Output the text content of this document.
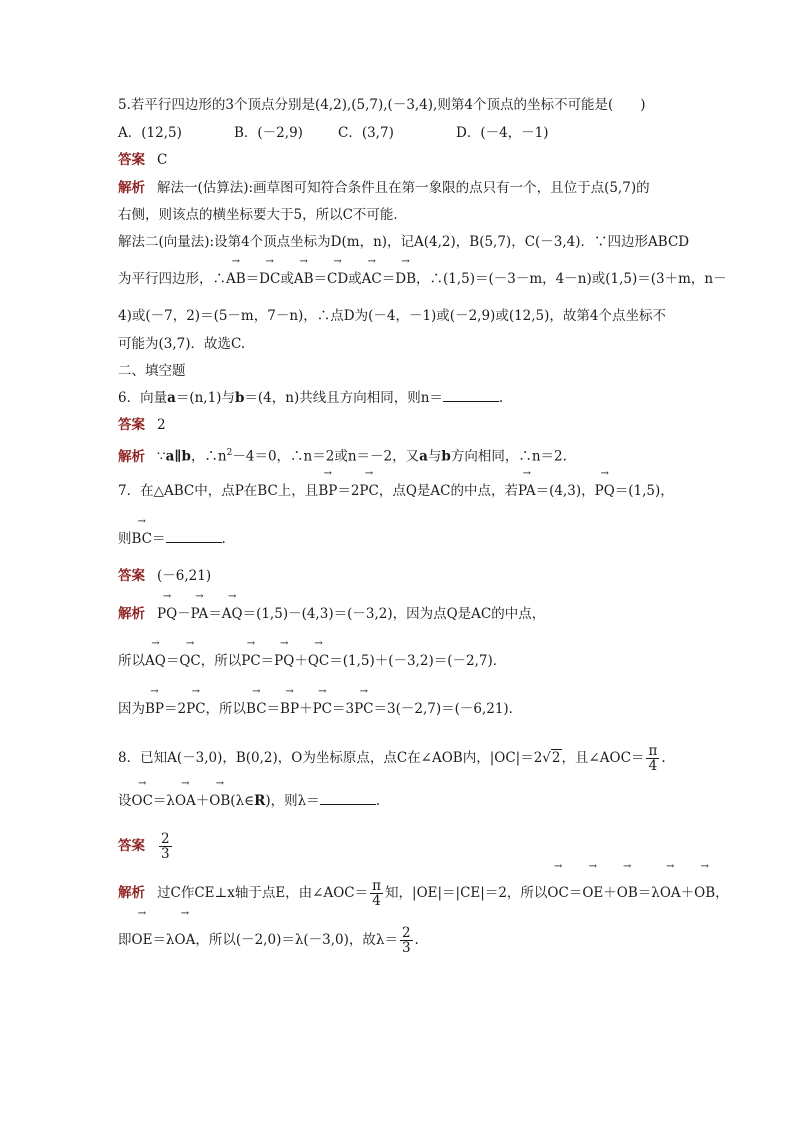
5.若平行四边形的3个顶点分别是(4,2),(5,7),(－3,4),则第4个顶点的坐标不可能是(　　)
A．(12,5)	B．(－2,9)	C．(3,7)	D．(－4，－1)
答案 C
解析 解法一(估算法):画草图可知符合条件且在第一象限的点只有一个，且位于点(5,7)的
右侧，则该点的横坐标要大于5，所以C不可能．
解法二(向量法):设第4个顶点坐标为D(m，n)，记A(4,2)，B(5,7)，C(－3,4)．∵四边形ABCD
为平行四边形，∴→ AB＝→ DC或→ AB＝→ CD或→ AC＝→ DB，∴(1,5)＝(－3－m，4－n)或(1,5)＝(3＋m，n－
4)或(－7，2)＝(5－m，7－n)，∴点D为(－4，－1)或(－2,9)或(12,5)，故第4个点坐标不
可能为(3,7)．故选C.
二、填空题
6．向量a＝(n,1)与b＝(4，n)共线且方向相同，则n＝	.
答案 2
解析 ∵a∥b，$\therefore n^2-4=0$，∴n＝2或n＝－2，又a与b方向相同，∴n＝2.
7．在△ABC中，点P在BC上，且→ BP＝2→ PC，点Q是AC的中点，若→ PA＝(4,3)，→ PQ＝(1,5)，
则→ BC＝	.
答案 (－6,21)
解析→ PQ－→ PA＝→ AQ＝(1,5)－(4,3)＝(－3,2)，因为点Q是AC的中点，
所以→ AQ＝→ QC，所以→ PC＝→ PQ＋→ QC＝(1,5)＋(－3,2)＝(－2,7)．
因为→ BP＝2→ PC，所以→ BC＝→ BP＋→ PC＝3→ PC＝3(－2,7)＝(－6,21)．
8．已知A(－3,0)，B(0,2)，O为坐标原点，点C在∠AOB内，|OC|＝2√2，且∠AOC＝ $\frac{\pi}{4}$ .
设→ OC＝λ→ OA＋→ OB(λ∈R)，则λ＝	.
答案 $\frac{2}{3}$
解析 过C作CE⊥x轴于点E，由∠AOC＝ $\frac{\pi}{4}$ 知，|OE|＝|CE|＝2，所以→ OC＝→ OE＋→ OB＝λ→ OA＋→ OB，
即→ OE＝λ→ OA，所以(－2,0)＝λ(－3,0)，故$\lambda= \frac{2}{3}$ .
